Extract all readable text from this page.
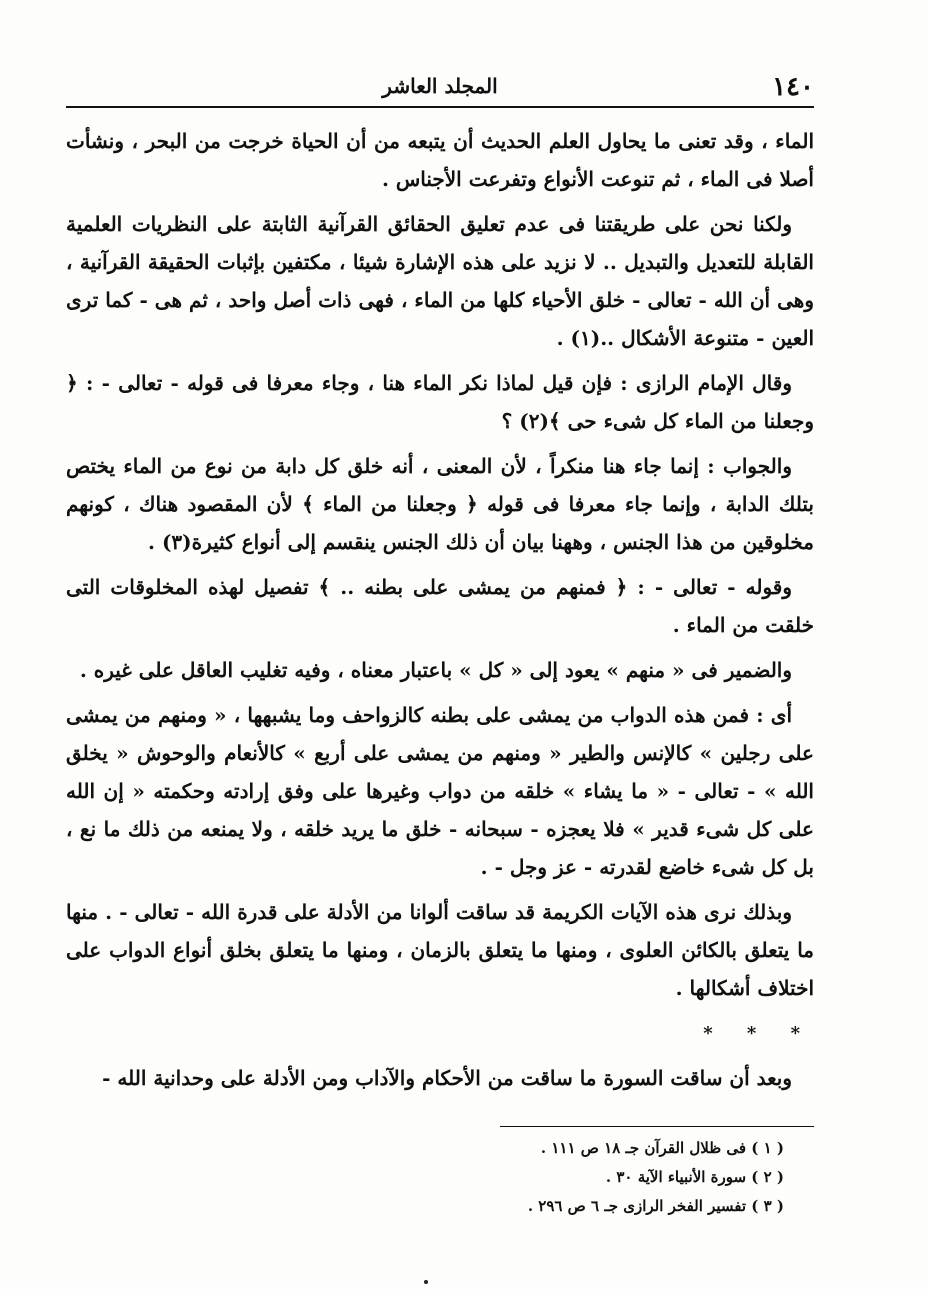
١٤٠
المجلد العاشر

الماء ، وقد تعنى ما يحاول العلم الحديث أن يتبعه من أن الحياة خرجت من البحر ، ونشأت أصلا فى الماء ، ثم تنوعت الأنواع وتفرعت الأجناس .

ولكنا نحن على طريقتنا فى عدم تعليق الحقائق القرآنية الثابتة على النظريات العلمية القابلة للتعديل والتبديل .. لا نزيد على هذه الإشارة شيئا ، مكتفين بإثبات الحقيقة القرآنية ، وهى أن الله - تعالى - خلق الأحياء كلها من الماء ، فهى ذات أصل واحد ، ثم هى - كما ترى العين - متنوعة الأشكال ..(١) .

وقال الإمام الرازى : فإن قيل لماذا نكر الماء هنا ، وجاء معرفا فى قوله - تعالى - : ﴿ وجعلنا من الماء كل شىء حى ﴾(٢) ؟

والجواب : إنما جاء هنا منكراً ، لأن المعنى ، أنه خلق كل دابة من نوع من الماء يختص بتلك الدابة ، وإنما جاء معرفا فى قوله ﴿ وجعلنا من الماء ﴾ لأن المقصود هناك ، كونهم مخلوقين من هذا الجنس ، وههنا بيان أن ذلك الجنس ينقسم إلى أنواع كثيرة(٣) .

وقوله - تعالى - : ﴿ فمنهم من يمشى على بطنه .. ﴾ تفصيل لهذه المخلوقات التى خلقت من الماء .

والضمير فى « منهم » يعود إلى « كل » باعتبار معناه ، وفيه تغليب العاقل على غيره .

أى : فمن هذه الدواب من يمشى على بطنه كالزواحف وما يشبهها ، « ومنهم من يمشى على رجلين » كالإنس والطير « ومنهم من يمشى على أربع » كالأنعام والوحوش « يخلق الله » - تعالى - « ما يشاء » خلقه من دواب وغيرها على وفق إرادته وحكمته « إن الله على كل شىء قدير » فلا يعجزه - سبحانه - خلق ما يريد خلقه ، ولا يمنعه من ذلك ما نع ، بل كل شىء خاضع لقدرته - عز وجل - .

وبذلك نرى هذه الآيات الكريمة قد ساقت ألوانا من الأدلة على قدرة الله - تعالى - . منها ما يتعلق بالكائن العلوى ، ومنها ما يتعلق بالزمان ، ومنها ما يتعلق بخلق أنواع الدواب على اختلاف أشكالها .

* * *

وبعد أن ساقت السورة ما ساقت من الأحكام والآداب ومن الأدلة على وحدانية الله -

( ١ ) فى ظلال القرآن جـ ١٨ ص ١١١ .
( ٢ ) سورة الأنبياء الآية ٣٠ .
( ٣ ) تفسير الفخر الرازى جـ ٦ ص ٢٩٦ .
